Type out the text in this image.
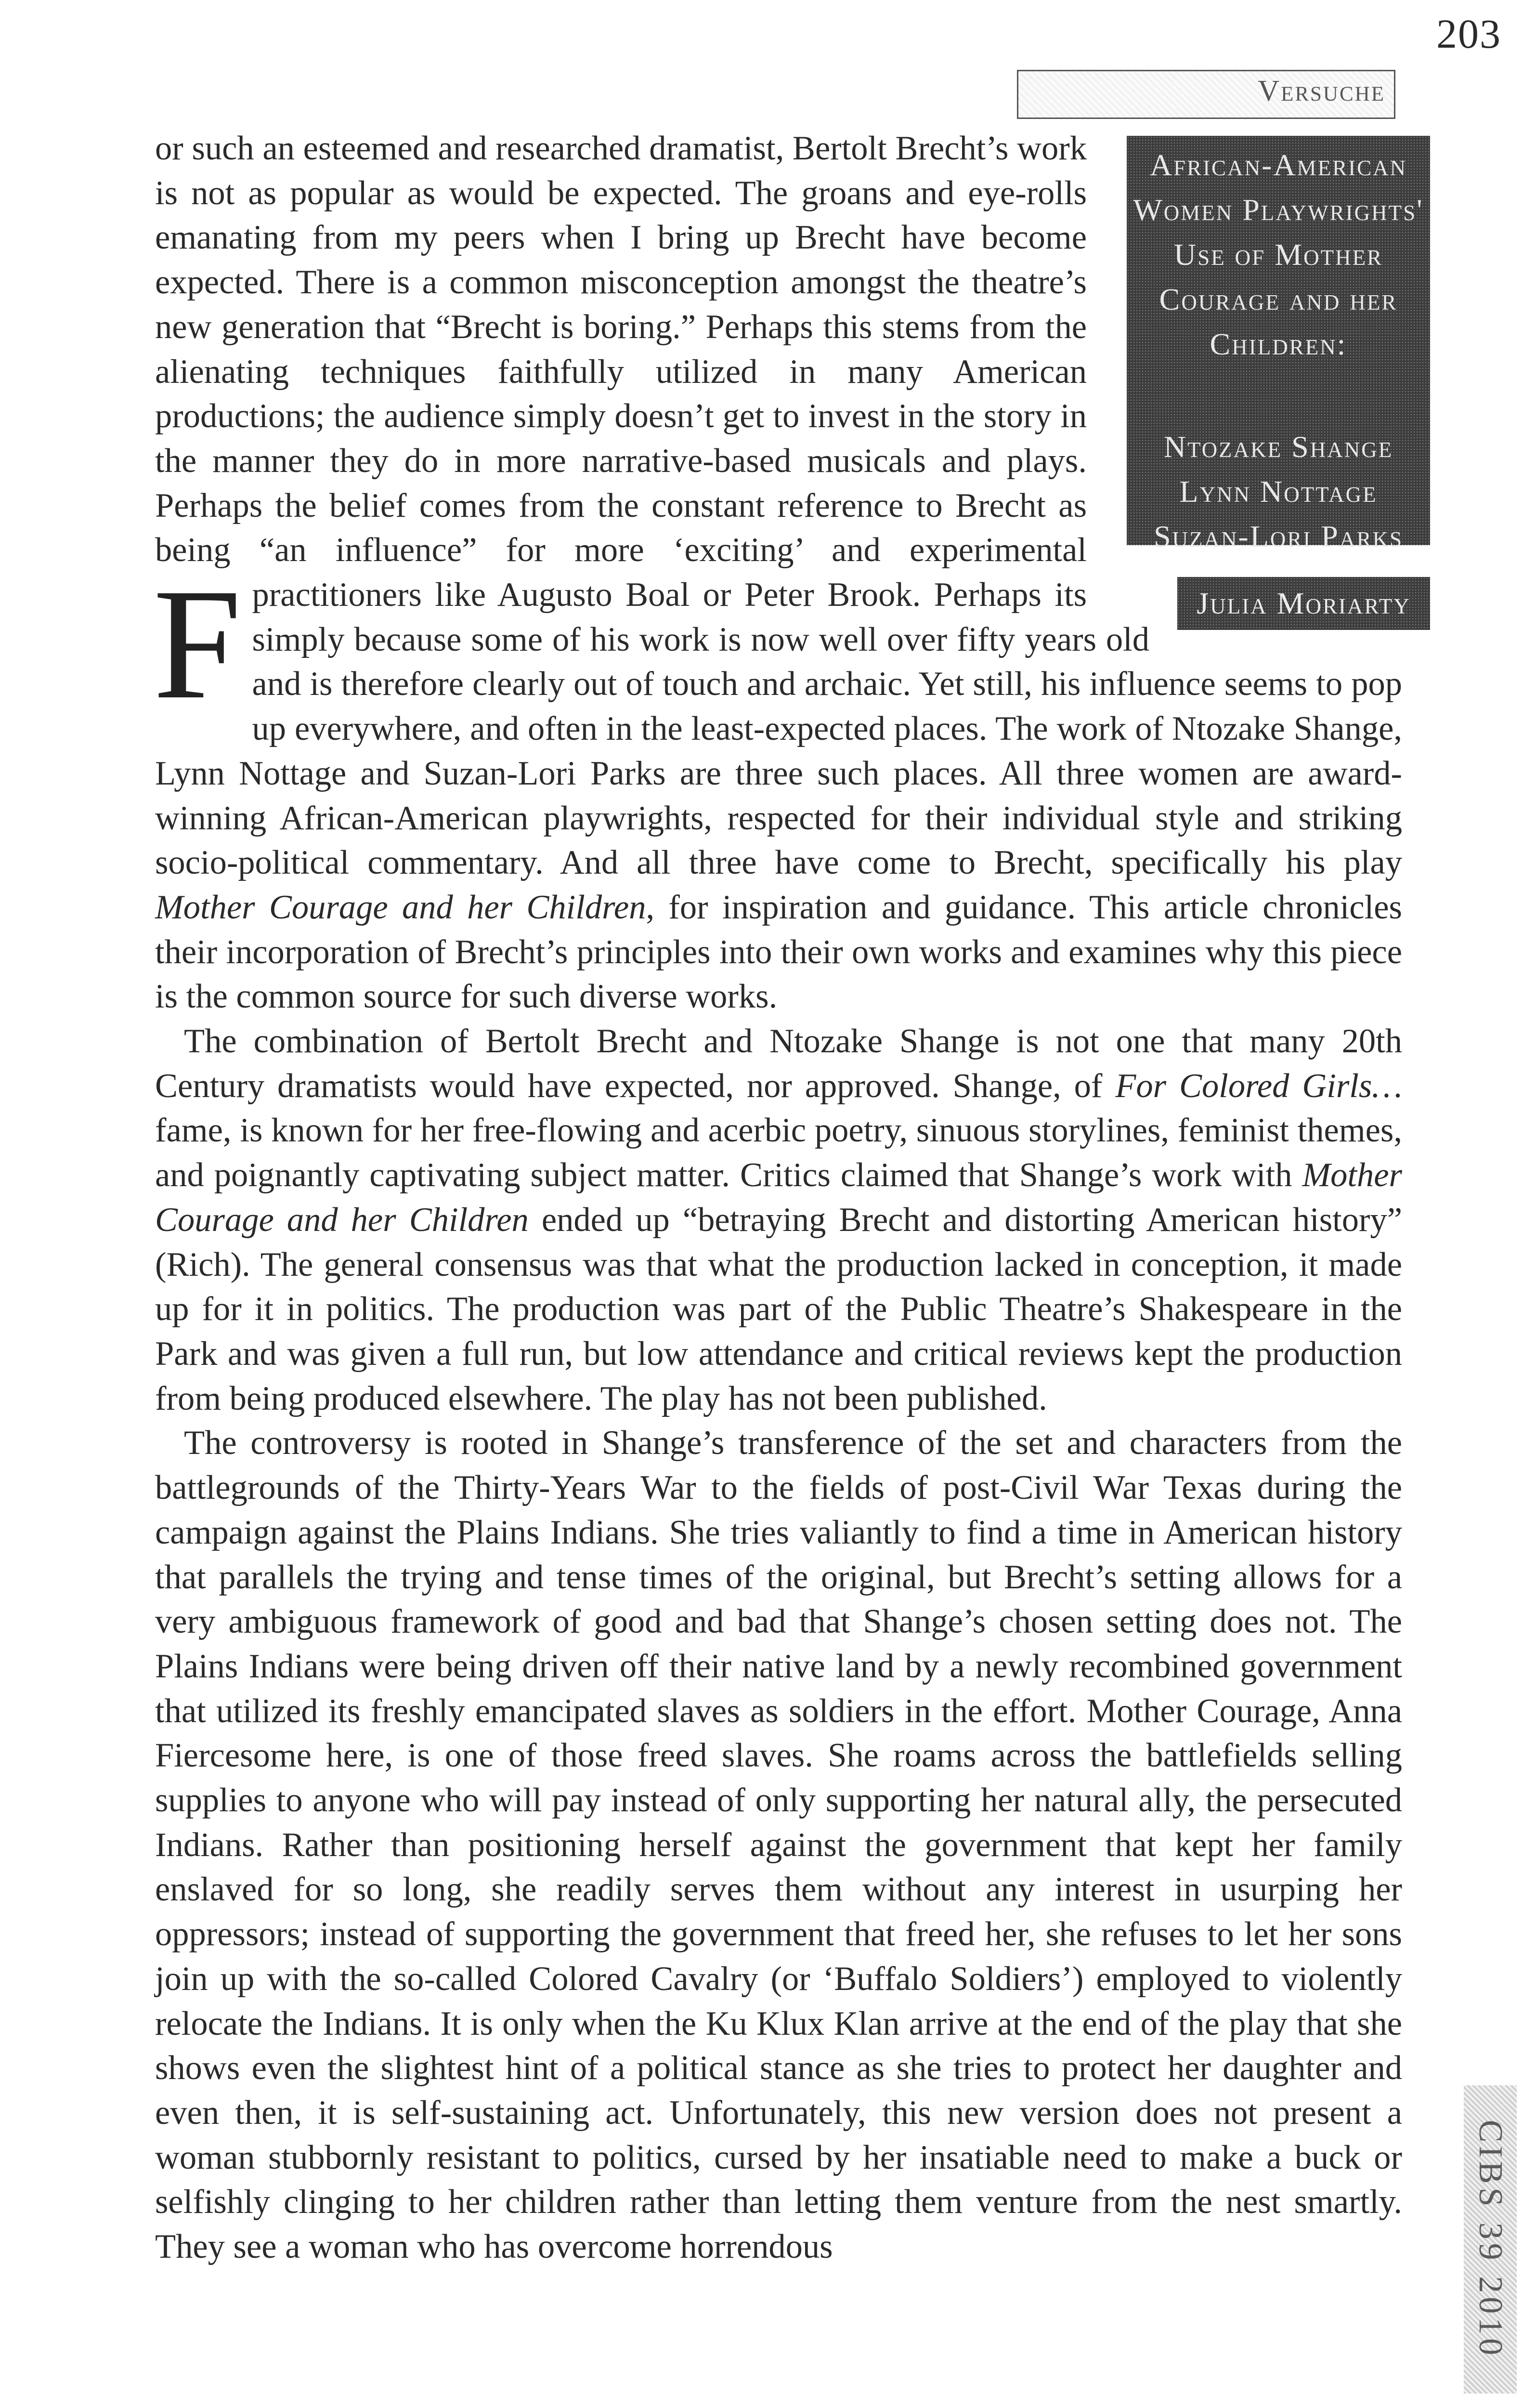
203
Versuche
African-American Women Playwrights' Use of Mother Courage and her Children:
Ntozake Shange
Lynn Nottage
Suzan-Lori Parks
Julia Moriarty

F
or such an esteemed and researched dramatist, Bertolt Brecht’s work is not as popular as would be expected. The groans and eye-rolls emanating from my peers when I bring up Brecht have become expected. There is a common misconception amongst the theatre’s new generation that “Brecht is boring.” Perhaps this stems from the alienating techniques faithfully utilized in many American productions; the audience simply doesn’t get to invest in the story in the manner they do in more narrative-based musicals and plays. Perhaps the belief comes from the constant reference to Brecht as being “an influence” for more ‘exciting’ and experimental practitioners like Augusto Boal or Peter Brook. Perhaps its simply because some of his work is now well over fifty years old and is therefore clearly out of touch and archaic. Yet still, his influence seems to pop up everywhere, and often in the least-expected places. The work of Ntozake Shange, Lynn Nottage and Suzan-Lori Parks are three such places. All three women are award-winning African-American playwrights, respected for their individual style and striking socio-political commentary. And all three have come to Brecht, specifically his play Mother Courage and her Children, for inspiration and guidance. This article chronicles their incorporation of Brecht’s principles into their own works and examines why this piece is the common source for such diverse works.

The combination of Bertolt Brecht and Ntozake Shange is not one that many 20th Century dramatists would have expected, nor approved. Shange, of For Colored Girls… fame, is known for her free-flowing and acerbic poetry, sinuous storylines, feminist themes, and poignantly captivating subject matter. Critics claimed that Shange’s work with Mother Courage and her Children ended up “betraying Brecht and distorting American history” (Rich). The general consensus was that what the production lacked in conception, it made up for it in politics. The production was part of the Public Theatre’s Shakespeare in the Park and was given a full run, but low attendance and critical reviews kept the production from being produced elsewhere. The play has not been published.

The controversy is rooted in Shange’s transference of the set and characters from the battlegrounds of the Thirty-Years War to the fields of post-Civil War Texas during the campaign against the Plains Indians. She tries valiantly to find a time in American history that parallels the trying and tense times of the original, but Brecht’s setting allows for a very ambiguous framework of good and bad that Shange’s chosen setting does not. The Plains Indians were being driven off their native land by a newly recombined government that utilized its freshly emancipated slaves as soldiers in the effort. Mother Courage, Anna Fiercesome here, is one of those freed slaves. She roams across the battlefields selling supplies to anyone who will pay instead of only supporting her natural ally, the persecuted Indians. Rather than positioning herself against the government that kept her family enslaved for so long, she readily serves them without any interest in usurping her oppressors; instead of supporting the government that freed her, she refuses to let her sons join up with the so-called Colored Cavalry (or ‘Buffalo Soldiers’) employed to violently relocate the Indians. It is only when the Ku Klux Klan arrive at the end of the play that she shows even the slightest hint of a political stance as she tries to protect her daughter and even then, it is self-sustaining act. Unfortunately, this new version does not present a woman stubbornly resistant to politics, cursed by her insatiable need to make a buck or selfishly clinging to her children rather than letting them venture from the nest smartly. They see a woman who has overcome horrendous	CIBS 39 2010
